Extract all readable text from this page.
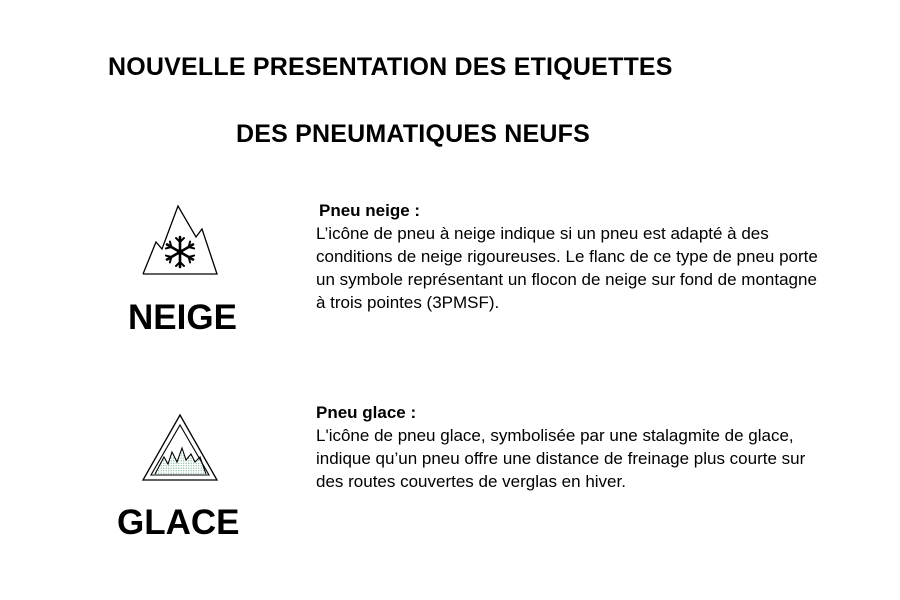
NOUVELLE PRESENTATION DES ETIQUETTES
DES PNEUMATIQUES NEUFS
NEIGE

Pneu neige :

L’icône de pneu à neige indique si un pneu est adapté à des conditions de neige rigoureuses. Le flanc de ce type de pneu porte un symbole représentant un flocon de neige sur fond de montagne à trois pointes (3PMSF).

GLACE

Pneu glace :

L'icône de pneu glace, symbolisée par une stalagmite de glace, indique qu’un pneu offre une distance de freinage plus courte sur des routes couvertes de verglas en hiver.
